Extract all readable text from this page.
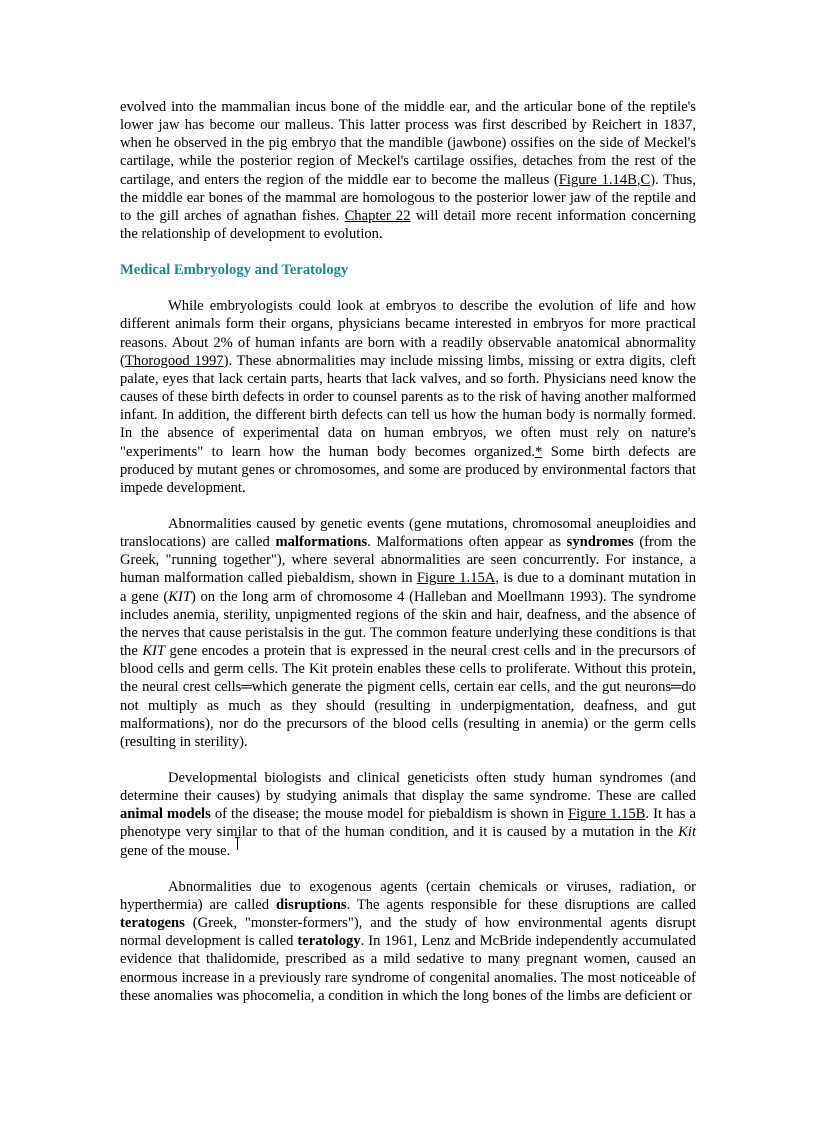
evolved into the mammalian incus bone of the middle ear, and the articular bone of the reptile's lower jaw has become our malleus. This latter process was first described by Reichert in 1837, when he observed in the pig embryo that the mandible (jawbone) ossifies on the side of Meckel's cartilage, while the posterior region of Meckel's cartilage ossifies, detaches from the rest of the cartilage, and enters the region of the middle ear to become the malleus (Figure 1.14B,C). Thus, the middle ear bones of the mammal are homologous to the posterior lower jaw of the reptile and to the gill arches of agnathan fishes. Chapter 22 will detail more recent information concerning the relationship of development to evolution.

Medical Embryology and Teratology

While embryologists could look at embryos to describe the evolution of life and how different animals form their organs, physicians became interested in embryos for more practical reasons. About 2% of human infants are born with a readily observable anatomical abnormality (Thorogood 1997). These abnormalities may include missing limbs, missing or extra digits, cleft palate, eyes that lack certain parts, hearts that lack valves, and so forth. Physicians need know the causes of these birth defects in order to counsel parents as to the risk of having another malformed infant. In addition, the different birth defects can tell us how the human body is normally formed. In the absence of experimental data on human embryos, we often must rely on nature's "experiments" to learn how the human body becomes organized.* Some birth defects are produced by mutant genes or chromosomes, and some are produced by environmental factors that impede development.

Abnormalities caused by genetic events (gene mutations, chromosomal aneuploidies and translocations) are called malformations. Malformations often appear as syndromes (from the Greek, "running together"), where several abnormalities are seen concurrently. For instance, a human malformation called piebaldism, shown in Figure 1.15A, is due to a dominant mutation in a gene (KIT) on the long arm of chromosome 4 (Halleban and Moellmann 1993). The syndrome includes anemia, sterility, unpigmented regions of the skin and hair, deafness, and the absence of the nerves that cause peristalsis in the gut. The common feature underlying these conditions is that the KIT gene encodes a protein that is expressed in the neural crest cells and in the precursors of blood cells and germ cells. The Kit protein enables these cells to proliferate. Without this protein, the neural crest cells═which generate the pigment cells, certain ear cells, and the gut neurons═do not multiply as much as they should (resulting in underpigmentation, deafness, and gut malformations), nor do the precursors of the blood cells (resulting in anemia) or the germ cells (resulting in sterility).

Developmental biologists and clinical geneticists often study human syndromes (and determine their causes) by studying animals that display the same syndrome. These are called animal models of the disease; the mouse model for piebaldism is shown in Figure 1.15B. It has a phenotype very similar to that of the human condition, and it is caused by a mutation in the Kit gene of the mouse.

Abnormalities due to exogenous agents (certain chemicals or viruses, radiation, or hyperthermia) are called disruptions. The agents responsible for these disruptions are called teratogens (Greek, "monster-formers"), and the study of how environmental agents disrupt normal development is called teratology. In 1961, Lenz and McBride independently accumulated evidence that thalidomide, prescribed as a mild sedative to many pregnant women, caused an enormous increase in a previously rare syndrome of congenital anomalies. The most noticeable of these anomalies was phocomelia, a condition in which the long bones of the limbs are deficient or
